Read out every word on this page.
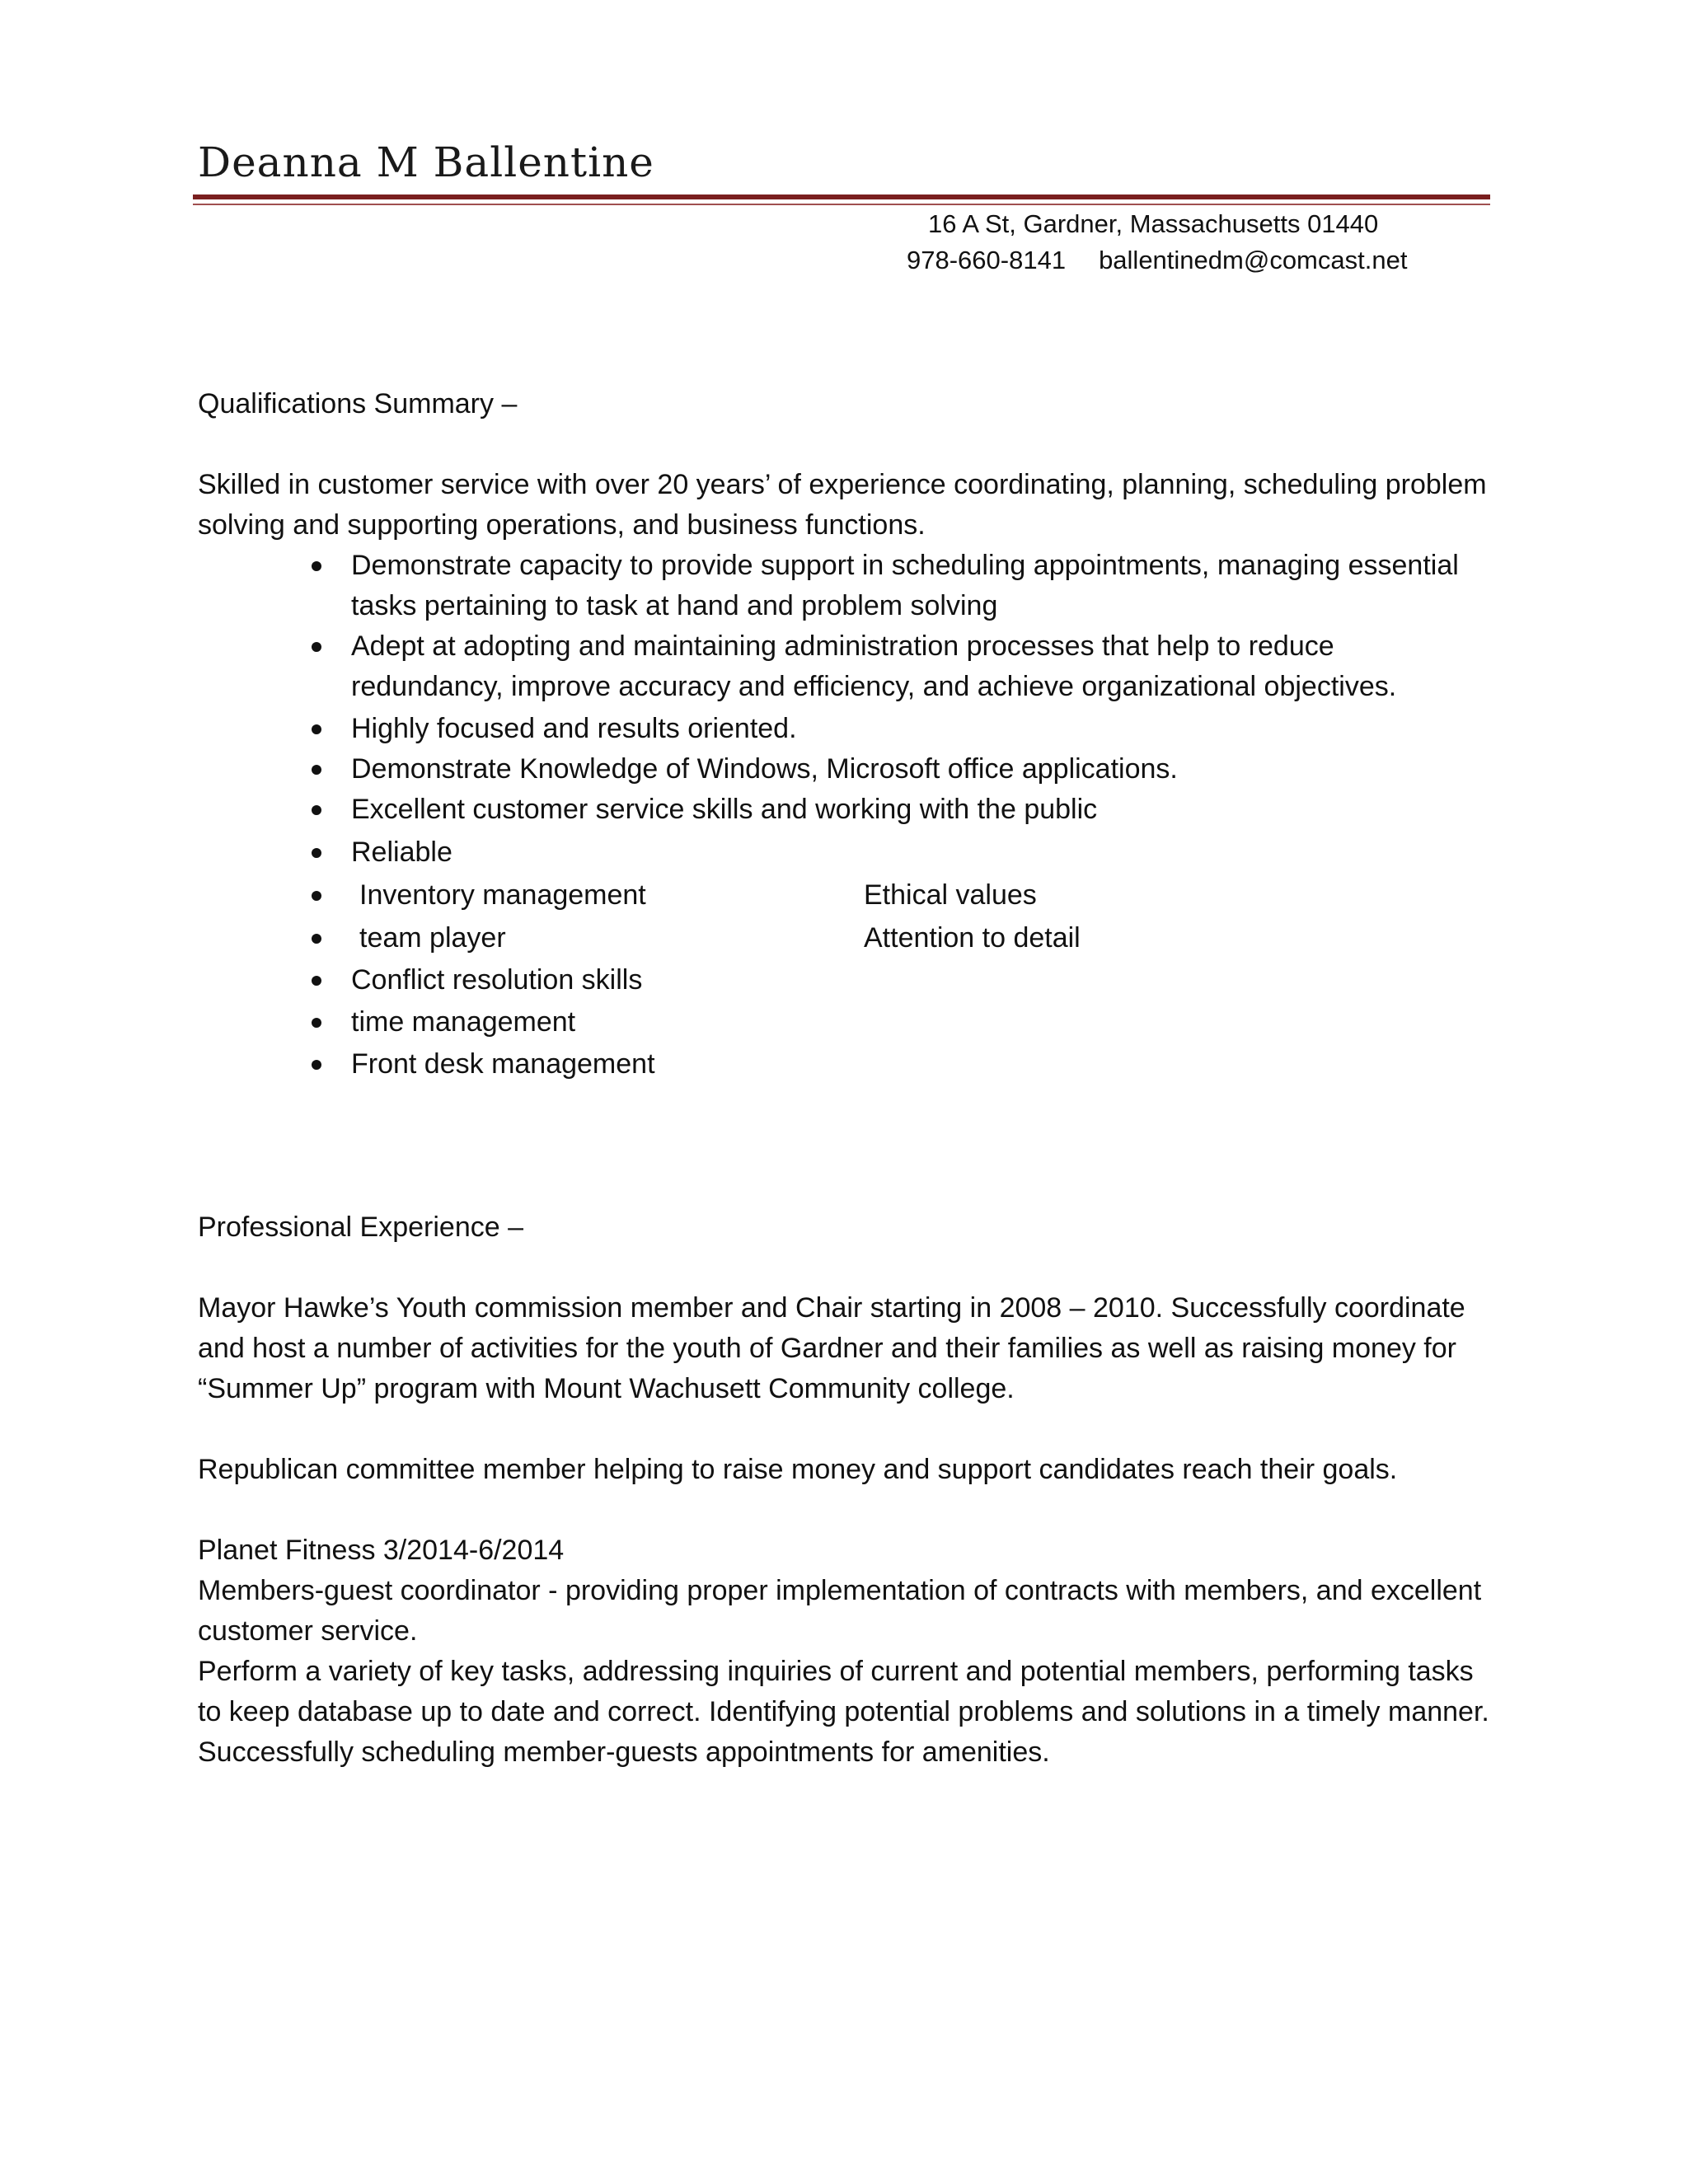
Deanna M Ballentine
16 A St, Gardner, Massachusetts 01440
978-660-8141 ballentinedm@comcast.net

Qualifications Summary –

Skilled in customer service with over 20 years’ of experience coordinating, planning, scheduling problem solving and supporting operations, and business functions.

Demonstrate capacity to provide support in scheduling appointments, managing essential tasks pertaining to task at hand and problem solving
Adept at adopting and maintaining administration processes that help to reduce redundancy, improve accuracy and efficiency, and achieve organizational objectives.
Highly focused and results oriented.
Demonstrate Knowledge of Windows, Microsoft office applications.
Excellent customer service skills and working with the public
Reliable
Inventory management	Ethical values
team player	Attention to detail
Conflict resolution skills
time management
Front desk management

Professional Experience –

Mayor Hawke’s Youth commission member and Chair starting in 2008 – 2010. Successfully coordinate and host a number of activities for the youth of Gardner and their families as well as raising money for “Summer Up” program with Mount Wachusett Community college.

Republican committee member helping to raise money and support candidates reach their goals.

Planet Fitness 3/2014-6/2014

Members-guest coordinator - providing proper implementation of contracts with members, and excellent customer service.

Perform a variety of key tasks, addressing inquiries of current and potential members, performing tasks to keep database up to date and correct. Identifying potential problems and solutions in a timely manner. Successfully scheduling member-guests appointments for amenities.
